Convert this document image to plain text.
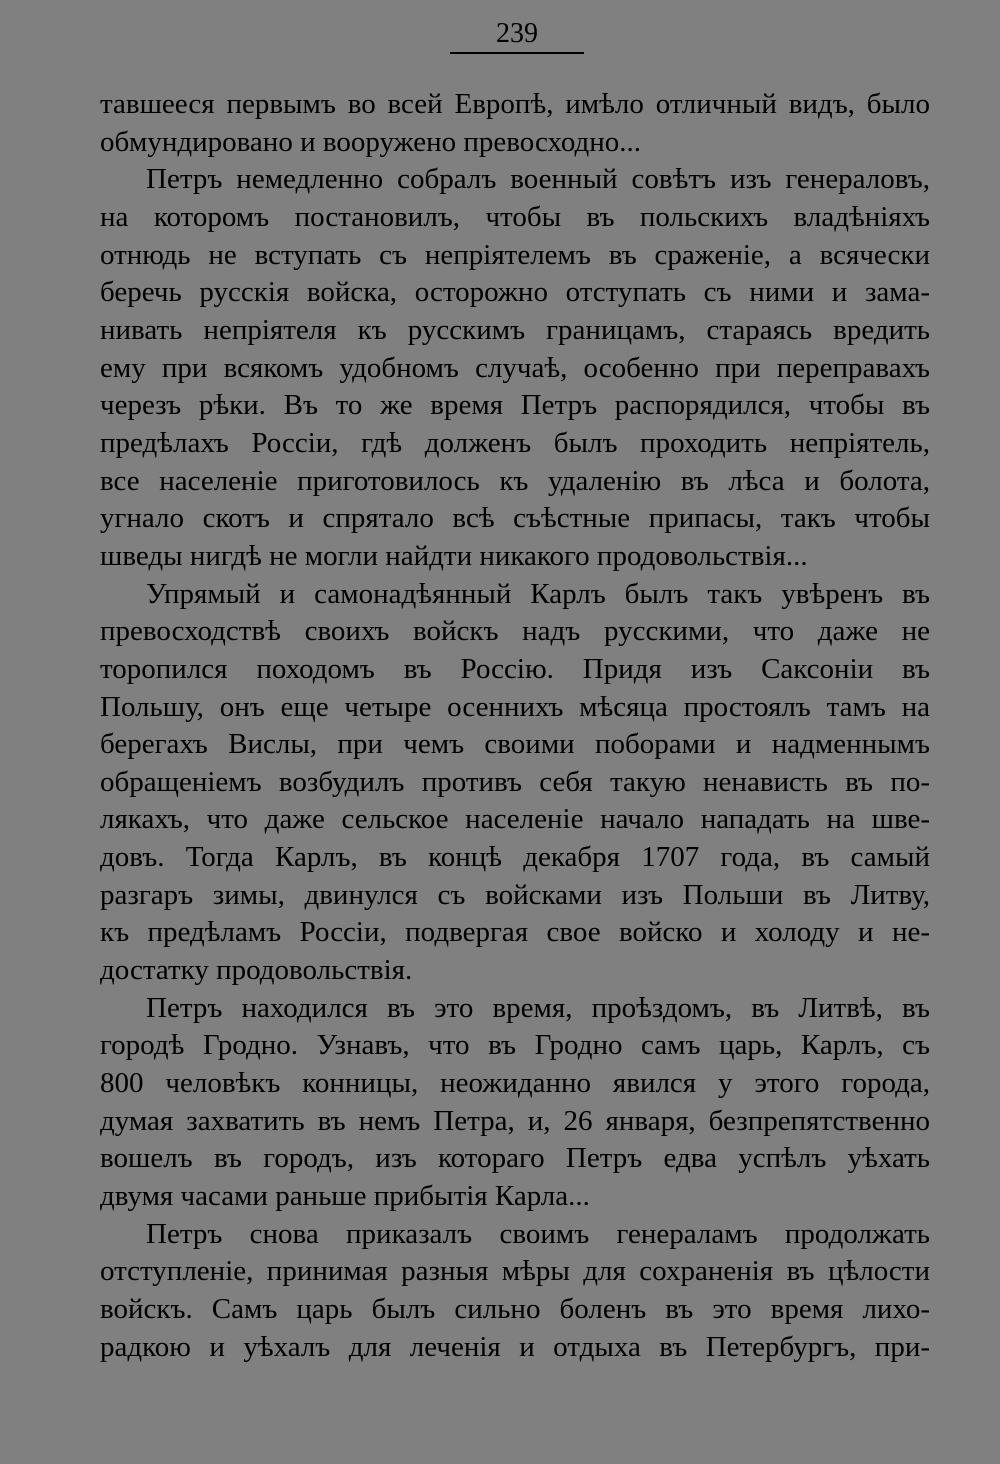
239
тавшееся первымъ во всей Европѣ, имѣло отличный видъ, было
обмундировано и вооружено превосходно...
Петръ немедленно собралъ военный совѣтъ изъ генераловъ,
на которомъ постановилъ, чтобы въ польскихъ владѣніяхъ
отнюдь не вступать съ непріятелемъ въ сраженіе, а всячески
беречь русскія войска, осторожно отступать съ ними и зама-
нивать непріятеля къ русскимъ границамъ, стараясь вредить
ему при всякомъ удобномъ случаѣ, особенно при переправахъ
черезъ рѣки. Въ то же время Петръ распорядился, чтобы въ
предѣлахъ Россіи, гдѣ долженъ былъ проходить непріятель,
все населеніе приготовилось къ удаленію въ лѣса и болота,
угнало скотъ и спрятало всѣ съѣстные припасы, такъ чтобы
шведы нигдѣ не могли найдти никакого продовольствія...
Упрямый и самонадѣянный Карлъ былъ такъ увѣренъ въ
превосходствѣ своихъ войскъ надъ русскими, что даже не
торопился походомъ въ Россію. Придя изъ Саксоніи въ
Польшу, онъ еще четыре осеннихъ мѣсяца простоялъ тамъ на
берегахъ Вислы, при чемъ своими поборами и надменнымъ
обращеніемъ возбудилъ противъ себя такую ненависть въ по-
лякахъ, что даже сельское населеніе начало нападать на шве-
довъ. Тогда Карлъ, въ концѣ декабря 1707 года, въ самый
разгаръ зимы, двинулся съ войсками изъ Польши въ Литву,
къ предѣламъ Россіи, подвергая свое войско и холоду и не-
достатку продовольствія.
Петръ находился въ это время, проѣздомъ, въ Литвѣ, въ
городѣ Гродно. Узнавъ, что въ Гродно самъ царь, Карлъ, съ
800 человѣкъ конницы, неожиданно явился у этого города,
думая захватить въ немъ Петра, и, 26 января, безпрепятственно
вошелъ въ городъ, изъ котораго Петръ едва успѣлъ уѣхать
двумя часами раньше прибытія Карла...
Петръ снова приказалъ своимъ генераламъ продолжать
отступленіе, принимая разныя мѣры для сохраненія въ цѣлости
войскъ. Самъ царь былъ сильно боленъ въ это время лихо-
радкою и уѣхалъ для леченія и отдыха въ Петербургъ, при-
